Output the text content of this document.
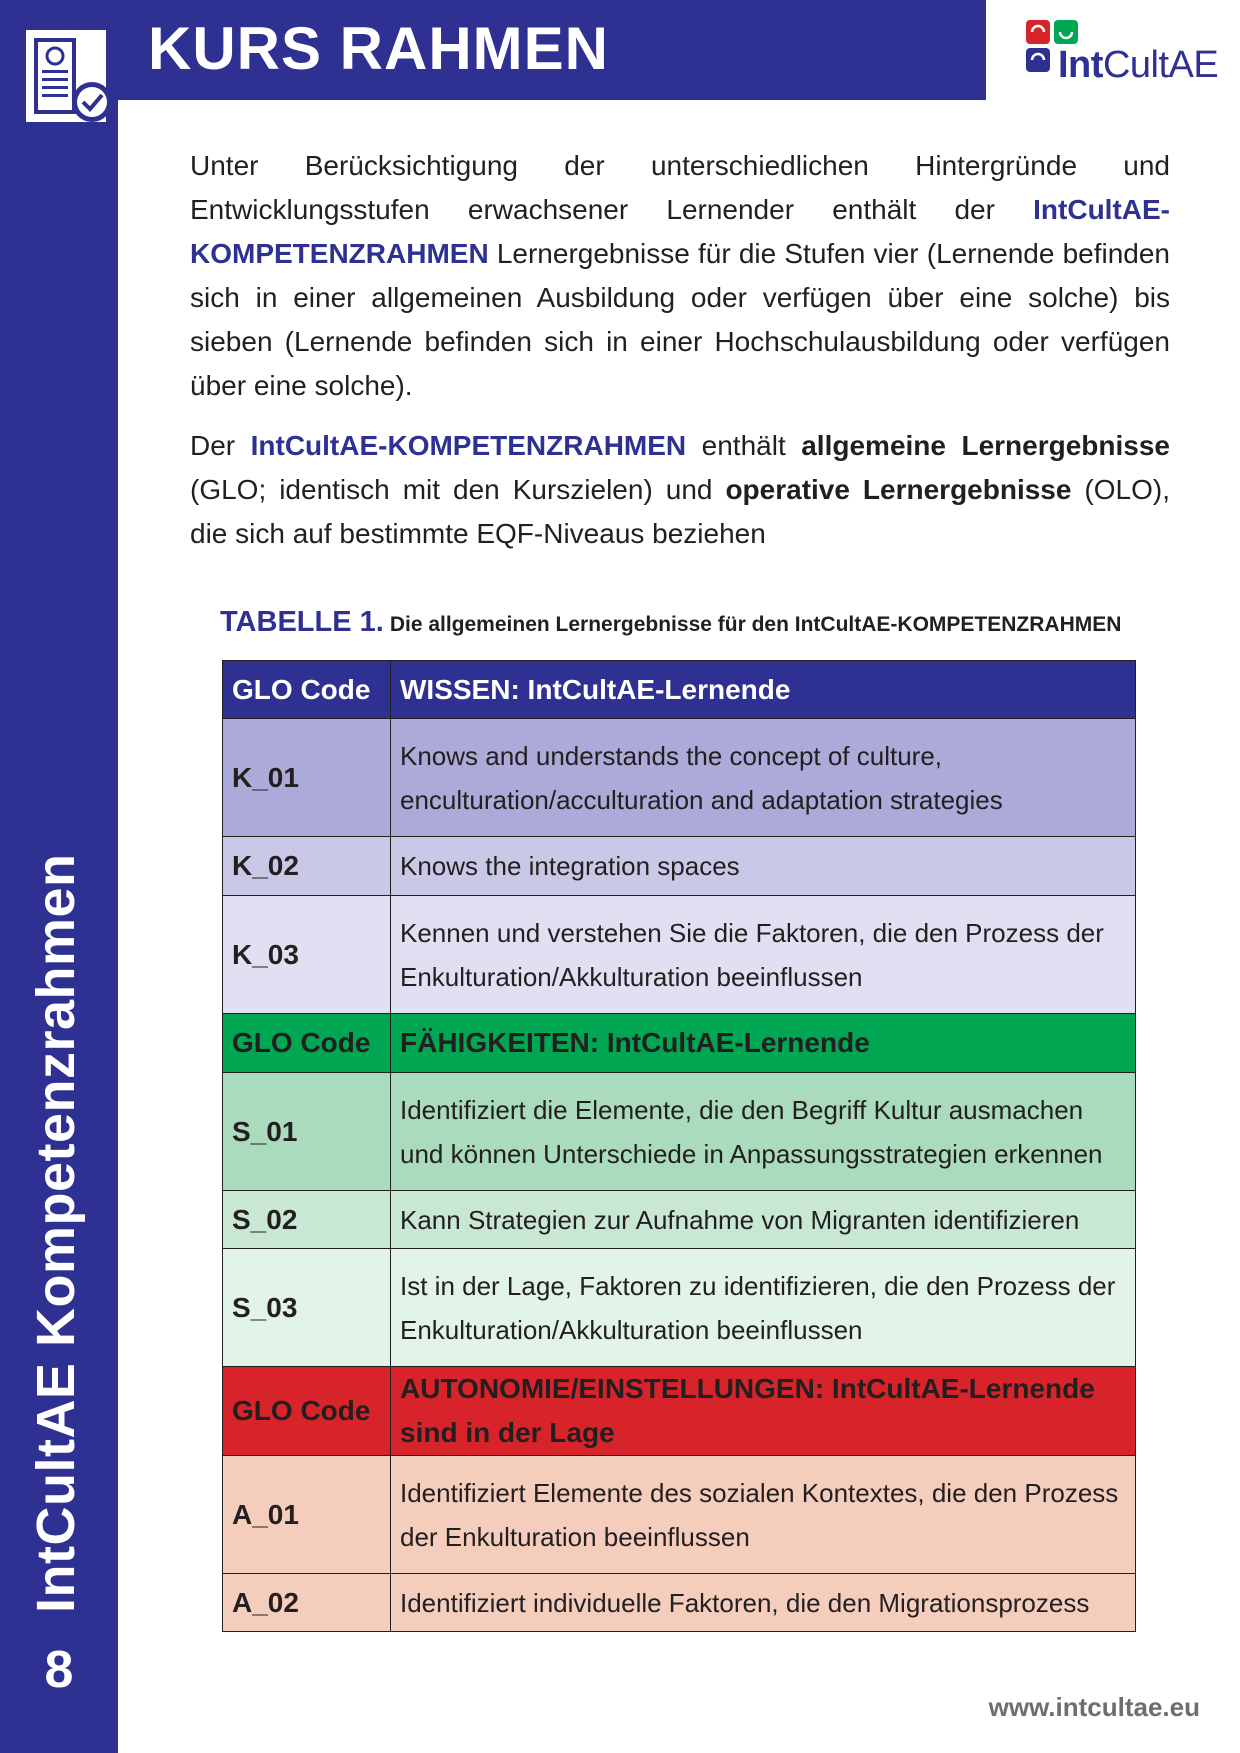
IntCultAE Kompetenzrahmen
8
KURS RAHMEN	IntCultAE
Unter Berücksichtigung der unterschiedlichen Hintergründe und Entwicklungsstufen erwachsener Lernender enthält der IntCultAE-KOMPETENZRAHMEN Lernergebnisse für die Stufen vier (Lernende befinden sich in einer allgemeinen Ausbildung oder verfügen über eine solche) bis sieben (Lernende befinden sich in einer Hochschulausbildung oder verfügen über eine solche).
Der IntCultAE-KOMPETENZRAHMEN enthält allgemeine Lernergebnisse (GLO; identisch mit den Kurszielen) und operative Lernergebnisse (OLO), die sich auf bestimmte EQF-Niveaus beziehen
TABELLE 1. Die allgemeinen Lernergebnisse für den IntCultAE-KOMPETENZRAHMEN
GLO Code	WISSEN: IntCultAE-Lernende
K_01	Knows and understands the concept of culture, enculturation/acculturation and adaptation strategies
K_02	Knows the integration spaces
K_03	Kennen und verstehen Sie die Faktoren, die den Prozess der Enkulturation/Akkulturation beeinflussen
GLO Code	FÄHIGKEITEN: IntCultAE-Lernende
S_01	Identifiziert die Elemente, die den Begriff Kultur ausmachen und können Unterschiede in Anpassungsstrategien erkennen
S_02	Kann Strategien zur Aufnahme von Migranten identifizieren
S_03	Ist in der Lage, Faktoren zu identifizieren, die den Prozess der Enkulturation/Akkulturation beeinflussen
GLO Code	AUTONOMIE/EINSTELLUNGEN: IntCultAE-Lernende sind in der Lage
A_01	Identifiziert Elemente des sozialen Kontextes, die den Prozess der Enkulturation beeinflussen
A_02	Identifiziert individuelle Faktoren, die den Migrationsprozess
www.intcultae.eu
